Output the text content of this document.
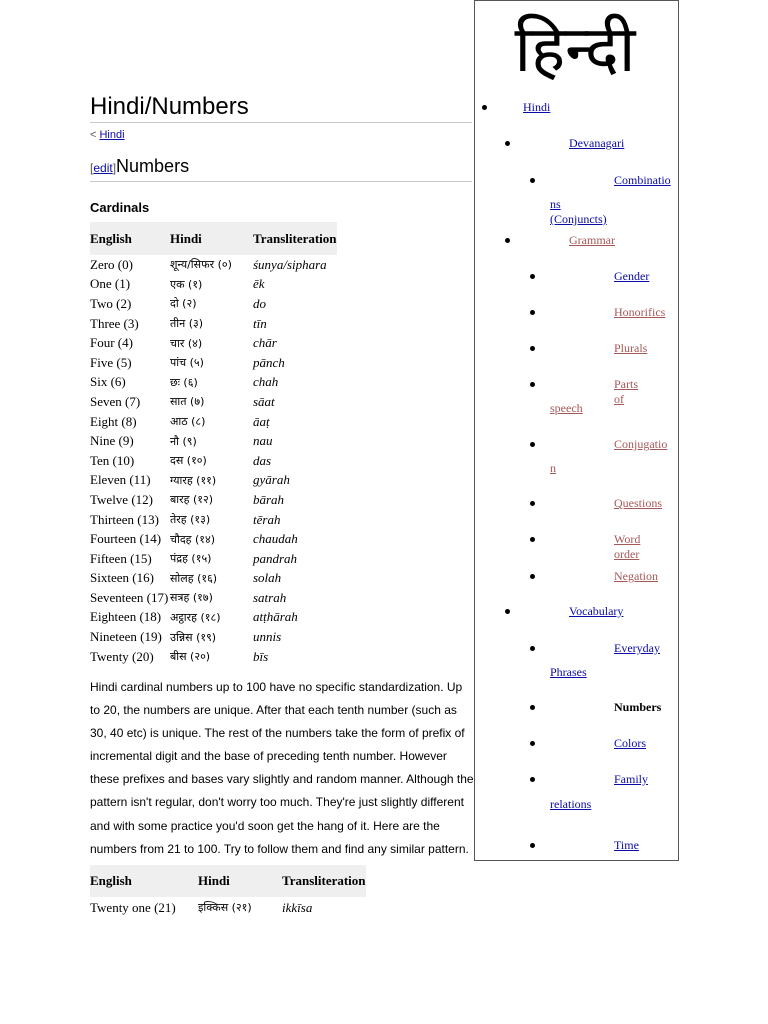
Hindi/Numbers
< Hindi
[edit]Numbers
Cardinals
English	Hindi	Transliteration
Zero (0)	शून्य/सिफर (०)	śunya/siphara
One (1)	एक (१)	ēk
Two (2)	दो (२)	do
Three (3)	तीन (३)	tīn
Four (4)	चार (४)	chār
Five (5)	पांच (५)	pānch
Six (6)	छः (६)	chah
Seven (7)	सात (७)	sāat
Eight (8)	आठ (८)	āaṭ
Nine (9)	नौ (९)	nau
Ten (10)	दस (१०)	das
Eleven (11)	ग्यारह (११)	gyārah
Twelve (12)	बारह (१२)	bārah
Thirteen (13)	तेरह (१३)	tērah
Fourteen (14)	चौदह (१४)	chaudah
Fifteen (15)	पंद्रह (१५)	pandrah
Sixteen (16)	सोलह (१६)	solah
Seventeen (17)	सत्रह (१७)	satrah
Eighteen (18)	अट्ठारह (१८)	atṭhārah
Nineteen (19)	उन्निस (१९)	unnis
Twenty (20)	बीस (२०)	bīs

Hindi cardinal numbers up to 100 have no specific standardization. Up to 20, the numbers are unique. After that each tenth number (such as 30, 40 etc) is unique. The rest of the numbers take the form of prefix of incremental digit and the base of preceding tenth number. However these prefixes and bases vary slightly and random manner. Although the pattern isn't regular, don't worry too much. They're just slightly different and with some practice you'd soon get the hang of it. Here are the numbers from 21 to 100. Try to follow them and find any similar pattern.

English	Hindi	Transliteration
Twenty one (21)	इक्किस (२१)	ikkīsa
हिन्दी
Hindi
Devanagari
Combinatio
ns (Conjuncts)
Grammar
Gender
Honorifics
Plurals
Parts of
speech
Conjugatio
n
Questions
Word order
Negation
Vocabulary
Everyday
Phrases
Numbers
Colors
Family
relations
Time
